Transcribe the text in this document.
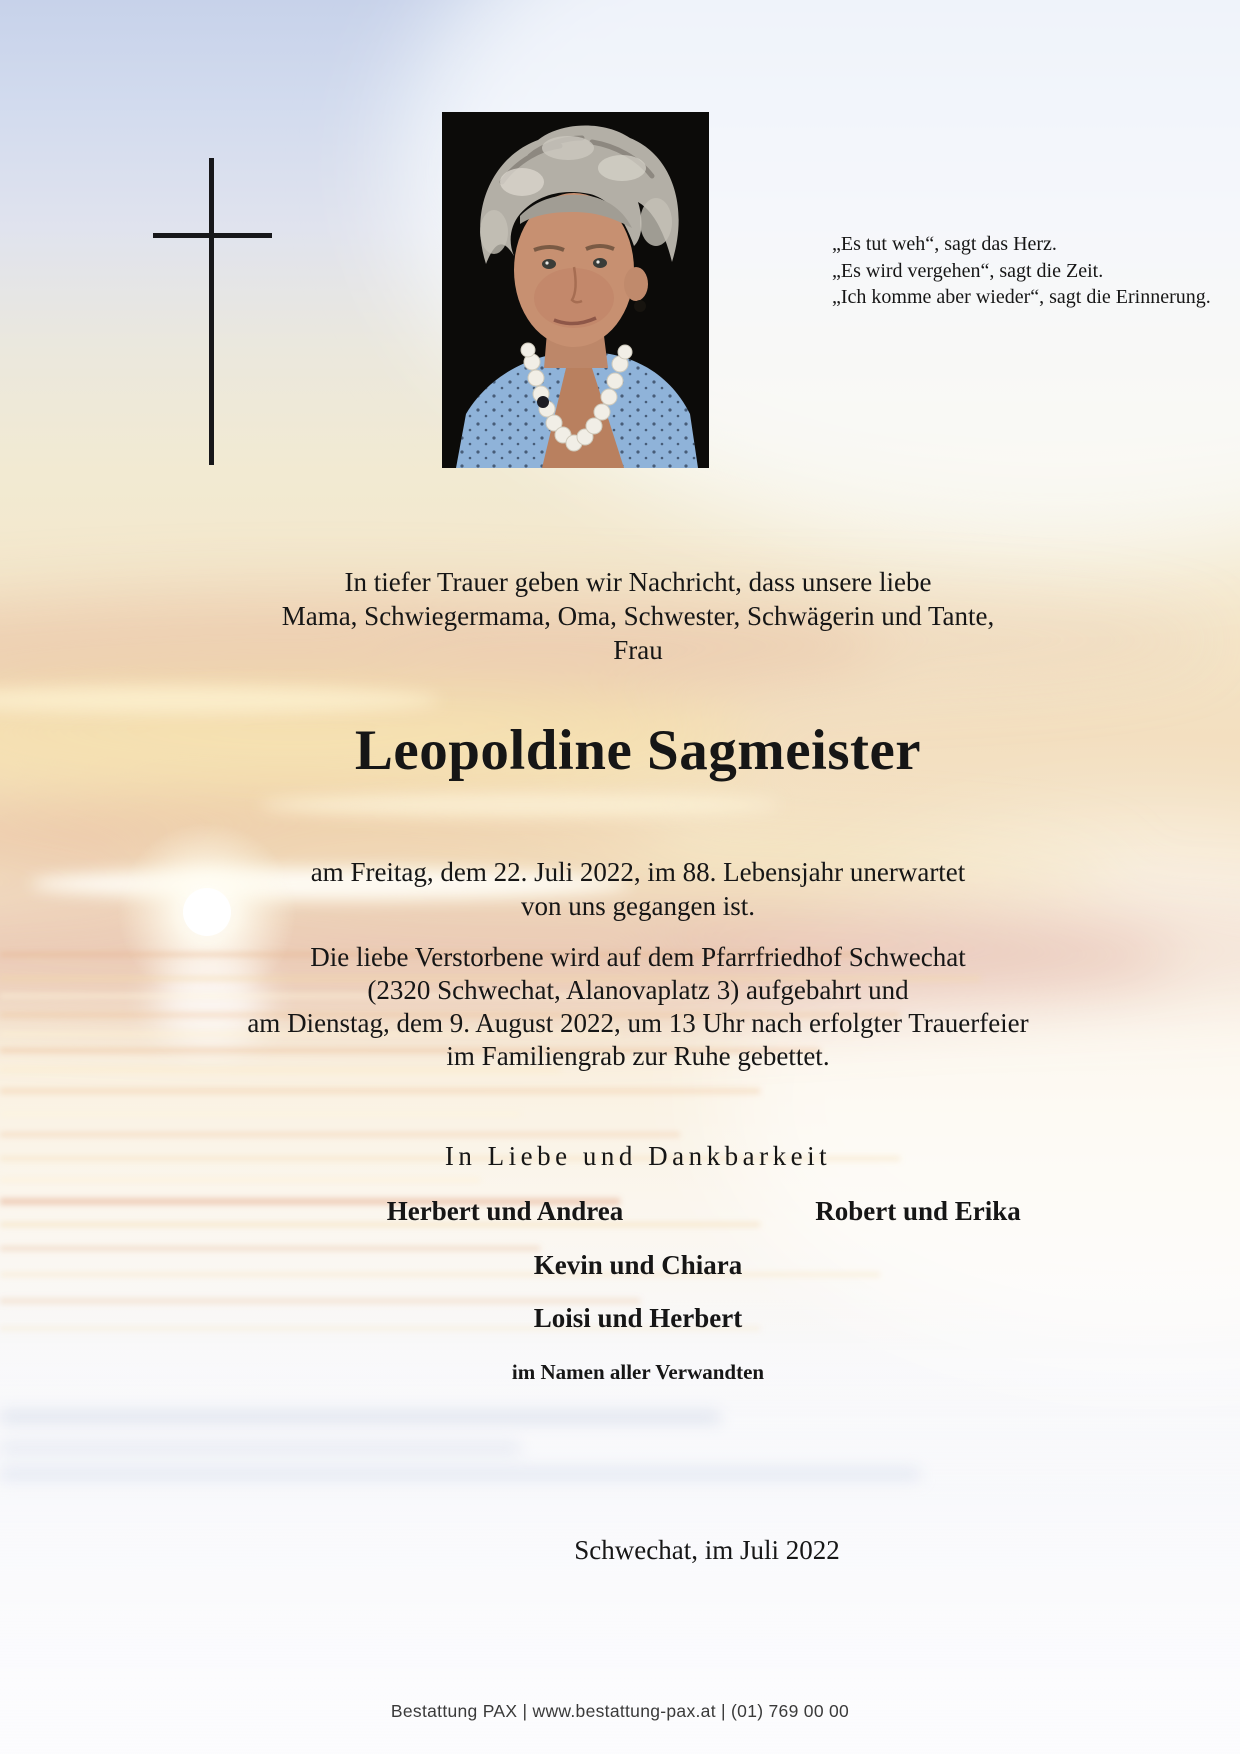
„Es tut weh“, sagt das Herz.
„Es wird vergehen“, sagt die Zeit.
„Ich komme aber wieder“, sagt die Erinnerung.
In tiefer Trauer geben wir Nachricht, dass unsere liebe
Mama, Schwiegermama, Oma, Schwester, Schwägerin und Tante,
Frau
Leopoldine Sagmeister
am Freitag, dem 22. Juli 2022, im 88. Lebensjahr unerwartet
von uns gegangen ist.
Die liebe Verstorbene wird auf dem Pfarrfriedhof Schwechat
(2320 Schwechat, Alanovaplatz 3) aufgebahrt und
am Dienstag, dem 9. August 2022, um 13 Uhr nach erfolgter Trauerfeier
im Familiengrab zur Ruhe gebettet.
In Liebe und Dankbarkeit
Herbert und Andrea	Robert und Erika
Kevin und Chiara
Loisi und Herbert
im Namen aller Verwandten
Schwechat, im Juli 2022
Bestattung PAX | www.bestattung-pax.at | (01) 769 00 00
